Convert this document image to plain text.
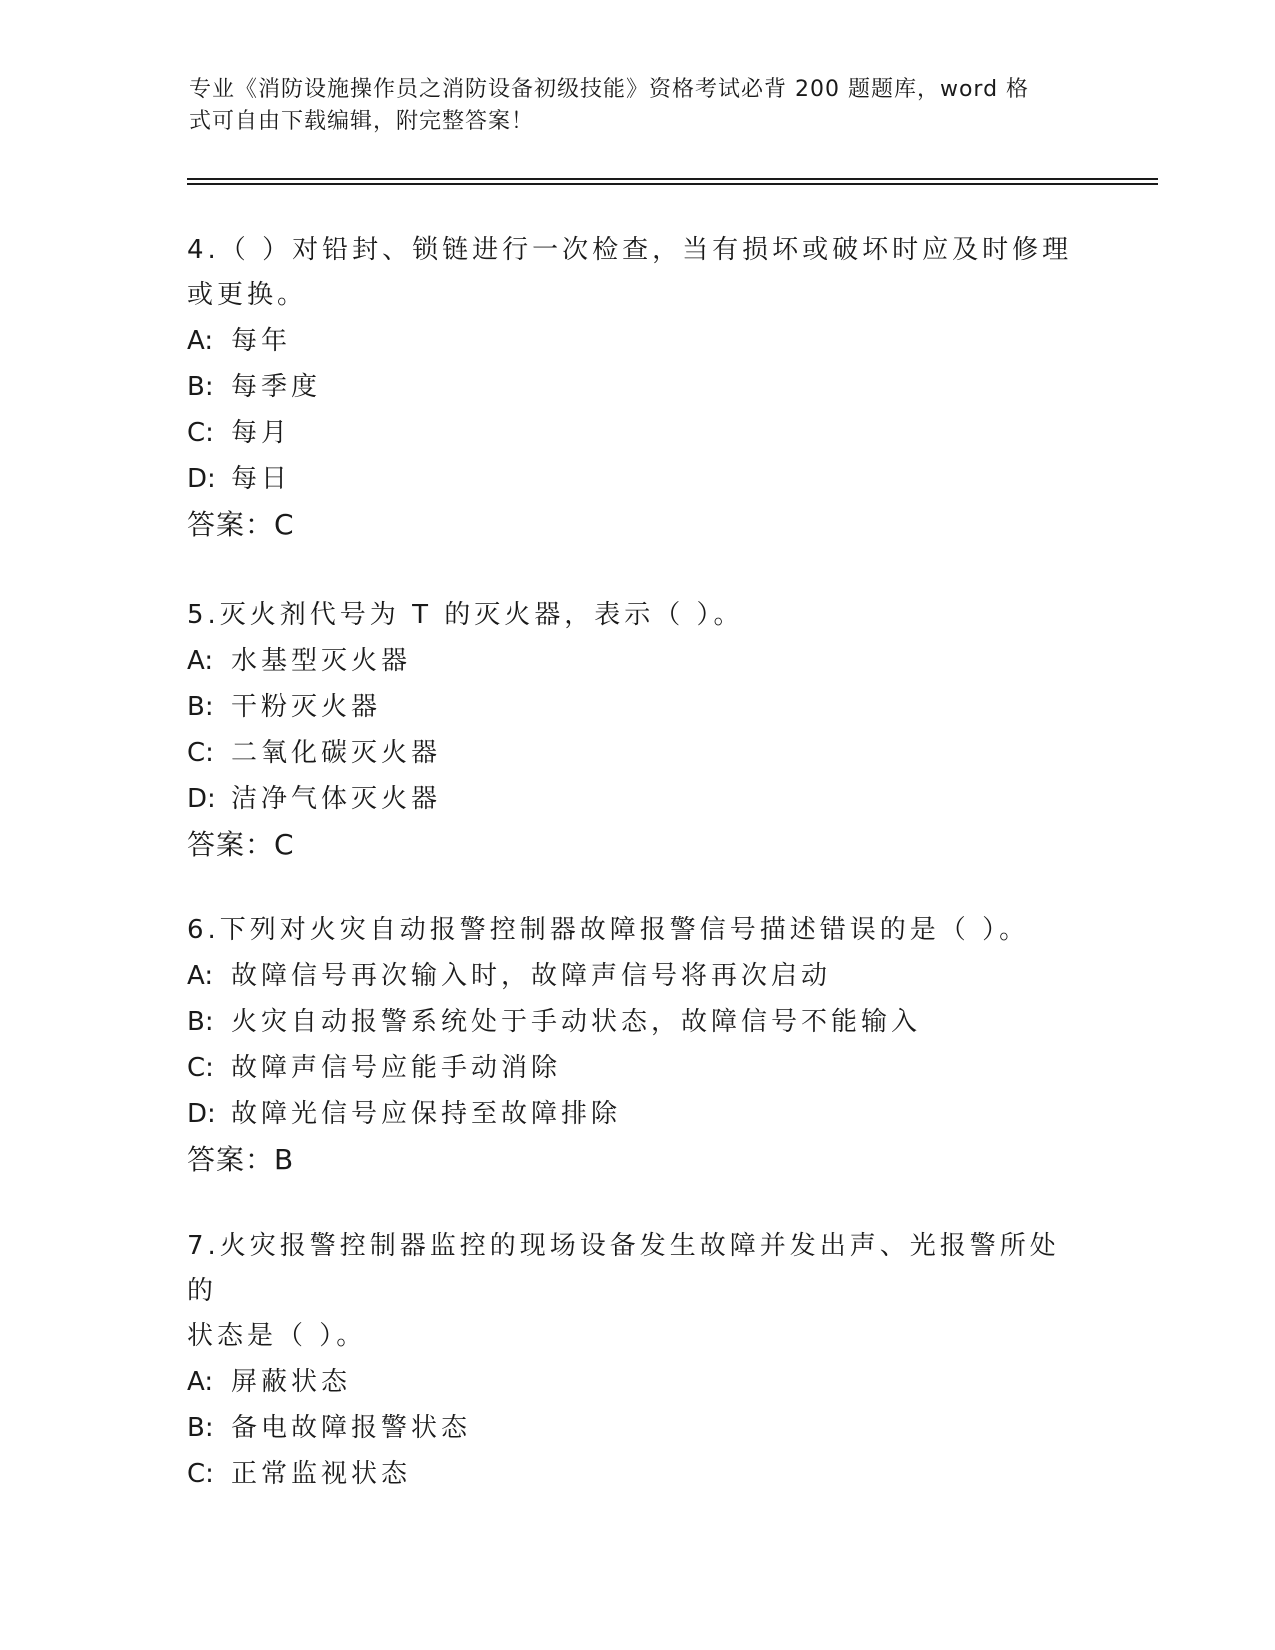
专业《消防设施操作员之消防设备初级技能》资格考试必背 200 题题库，word 格
式可自由下载编辑，附完整答案！

4.（ ）对铅封、锁链进行一次检查，当有损坏或破坏时应及时修理

或更换。

A: 每年

B: 每季度

C: 每月

D: 每日

答案：C

5.灭火剂代号为 T 的灭火器，表示（ ）。

A: 水基型灭火器

B: 干粉灭火器

C: 二氧化碳灭火器

D: 洁净气体灭火器

答案：C

6.下列对火灾自动报警控制器故障报警信号描述错误的是（ ）。

A: 故障信号再次输入时，故障声信号将再次启动

B: 火灾自动报警系统处于手动状态，故障信号不能输入

C: 故障声信号应能手动消除

D: 故障光信号应保持至故障排除

答案：B

7.火灾报警控制器监控的现场设备发生故障并发出声、光报警所处的

状态是（ ）。

A: 屏蔽状态

B: 备电故障报警状态

C: 正常监视状态
